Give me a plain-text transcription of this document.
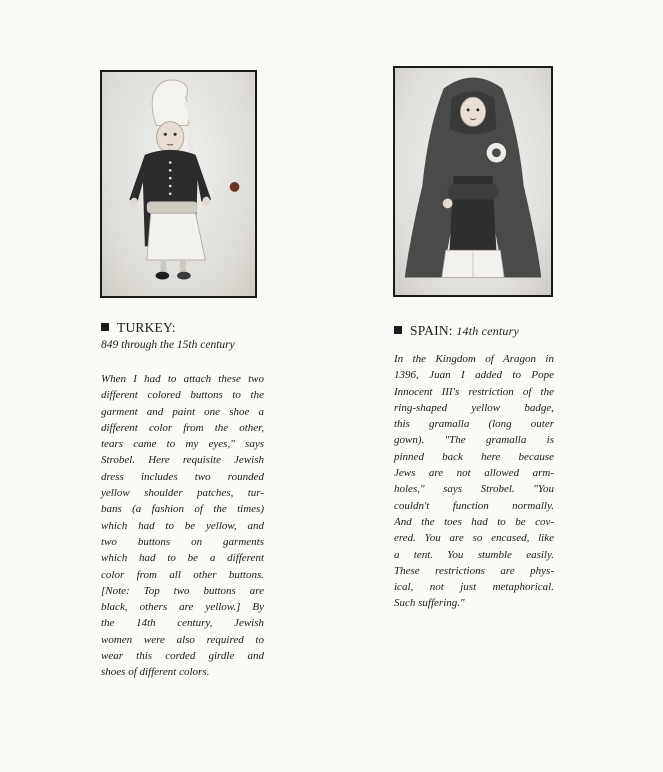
TURKEY:
849 through the 15th century
SPAIN: 14th century
When I had to attach these two
different colored buttons to the
garment and paint one shoe a
different color from the other,
tears came to my eyes," says
Strobel. Here requisite Jewish
dress includes two rounded
yellow shoulder patches, tur-
bans (a fashion of the times)
which had to be yellow, and
two buttons on garments
which had to be a different
color from all other buttons.
[Note: Top two buttons are
black, others are yellow.] By
the 14th century, Jewish
women were also required to
wear this corded girdle and
shoes of different colors.
In the Kingdom of Aragon in
1396, Juan I added to Pope
Innocent III's restriction of the
ring-shaped yellow badge,
this gramalla (long outer
gown). "The gramalla is
pinned back here because
Jews are not allowed arm-
holes," says Strobel. "You
couldn't function normally.
And the toes had to be cov-
ered. You are so encased, like
a tent. You stumble easily.
These restrictions are phys-
ical, not just metaphorical.
Such suffering."
